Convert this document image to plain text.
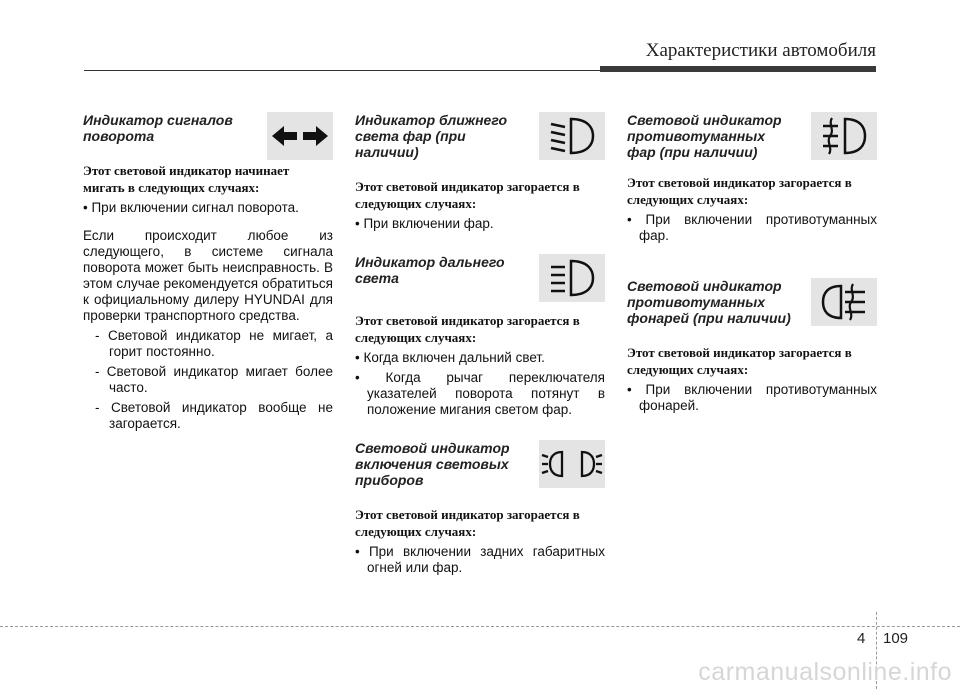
Характеристики автомобиля
Индикатор сигналов поворота
Этот световой индикатор начинает мигать в следующих случаях:

• При включении сигнал поворота.

Если происходит любое из следующего, в системе сигнала поворота может быть неисправность. В этом случае рекомендуется обратиться к официальному дилеру HYUNDAI для проверки транспортного средства.

- Световой индикатор не мигает, а горит постоянно.

- Световой индикатор мигает более часто.

- Световой индикатор вообще не загорается.

Индикатор ближнего света фар (при наличии)
Этот световой индикатор загорается в следующих случаях:

• При включении фар.

Индикатор дальнего света
Этот световой индикатор загорается в следующих случаях:

• Когда включен дальний свет.

• Когда рычаг переключателя указателей поворота потянут в положение мигания светом фар.

Световой индикатор включения световых приборов
Этот световой индикатор загорается в следующих случаях:

• При включении задних габаритных огней или фар.

Световой индикатор противотуманных фар (при наличии)
Этот световой индикатор загорается в следующих случаях:

• При включении противотуманных фар.

Световой индикатор противотуманных фонарей (при наличии)
Этот световой индикатор загорается в следующих случаях:

• При включении противотуманных фонарей.

4 109
carmanualsonline.info
